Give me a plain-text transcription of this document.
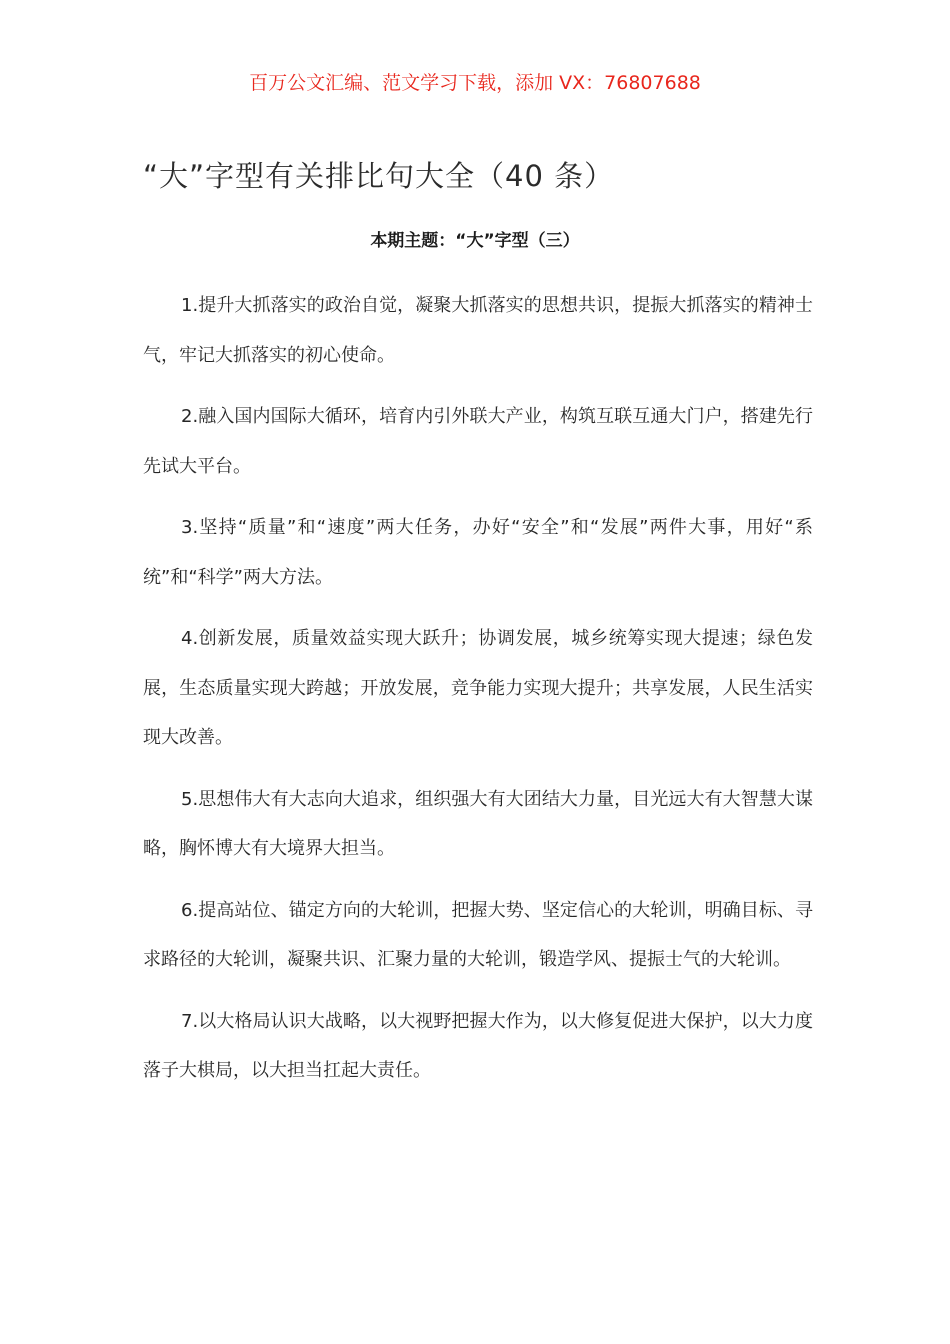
百万公文汇编、范文学习下载，添加 VX：76807688
“大”字型有关排比句大全（40 条）
本期主题：“大”字型（三）

1.提升大抓落实的政治自觉，凝聚大抓落实的思想共识，提振大抓落实的精神士气，牢记大抓落实的初心使命。

2.融入国内国际大循环，培育内引外联大产业，构筑互联互通大门户，搭建先行先试大平台。

3.坚持“质量”和“速度”两大任务，办好“安全”和“发展”两件大事，用好“系统”和“科学”两大方法。

4.创新发展，质量效益实现大跃升；协调发展，城乡统筹实现大提速；绿色发展，生态质量实现大跨越；开放发展，竞争能力实现大提升；共享发展，人民生活实现大改善。

5.思想伟大有大志向大追求，组织强大有大团结大力量，目光远大有大智慧大谋略，胸怀博大有大境界大担当。

6.提高站位、锚定方向的大轮训，把握大势、坚定信心的大轮训，明确目标、寻求路径的大轮训，凝聚共识、汇聚力量的大轮训，锻造学风、提振士气的大轮训。

7.以大格局认识大战略，以大视野把握大作为，以大修复促进大保护，以大力度落子大棋局，以大担当扛起大责任。
